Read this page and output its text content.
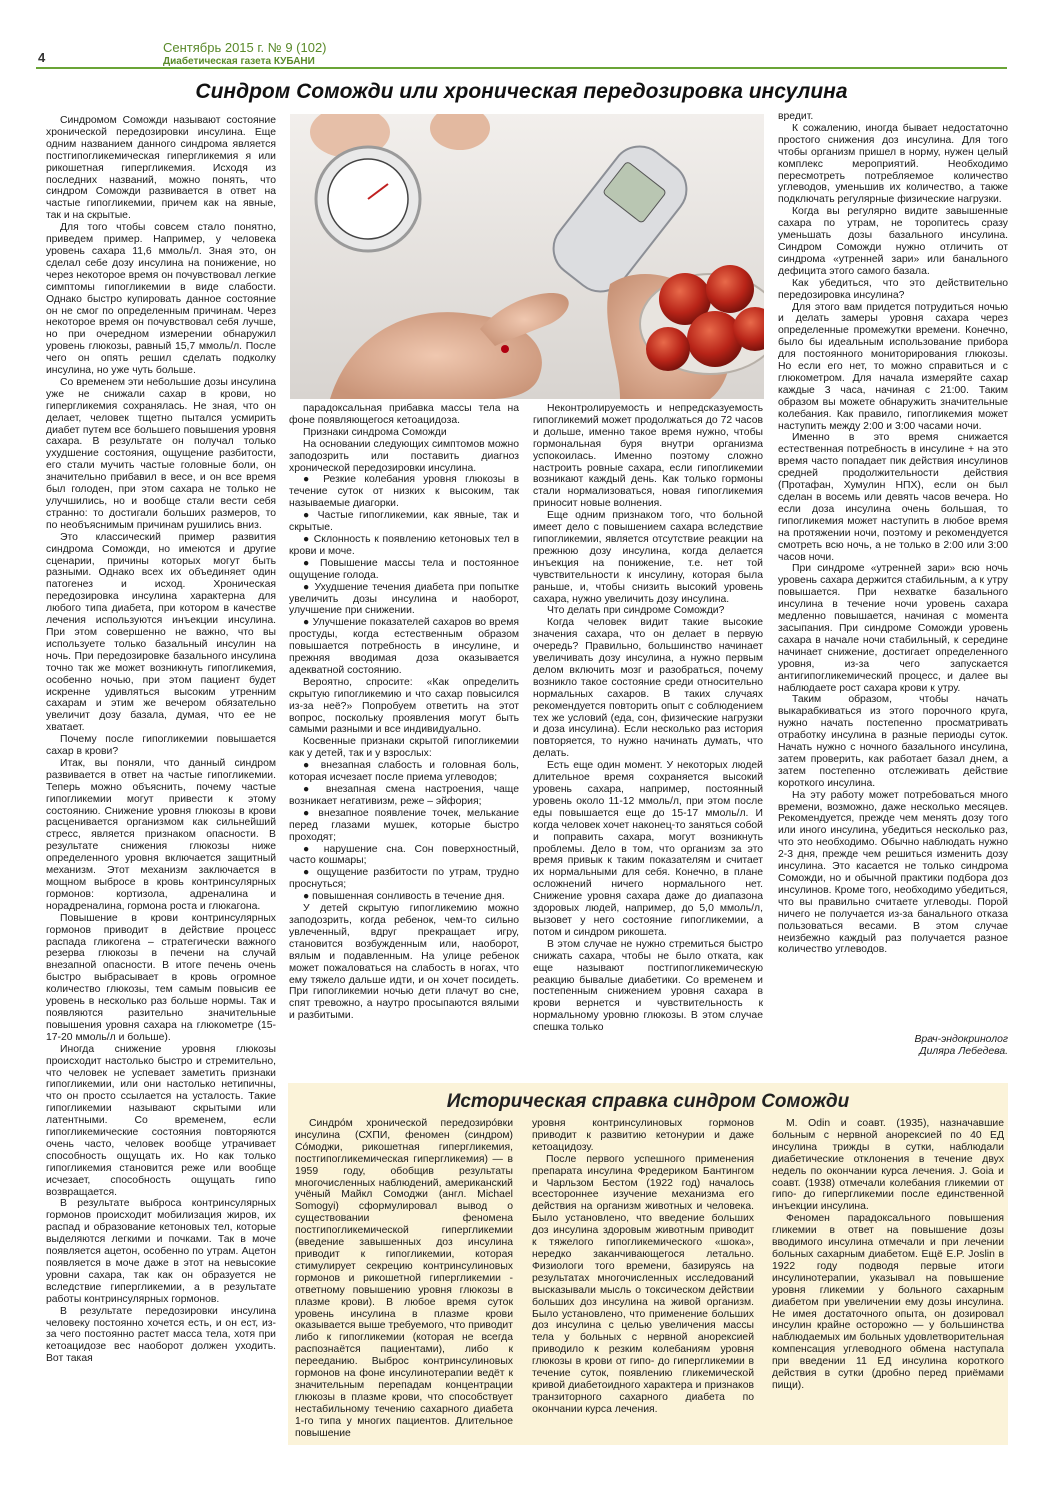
4
Сентябрь 2015 г. № 9 (102)
Диабетическая газета КУБАНИ
Синдром Соможди или хроническая передозировка инсулина

Синдромом Соможди называют состояние хронической передозировки инсулина. Еще одним названием данного синдрома является постгипогликемическая гипергликемия я или рикошетная гипергликемия. Исходя из последних названий, можно понять, что синдром Соможди развивается в ответ на частые гипогликемии, причем как на явные, так и на скрытые.

Для того чтобы совсем стало понятно, приведем пример. Например, у человека уровень сахара 11,6 ммоль/л. Зная это, он сделал себе дозу инсулина на понижение, но через некоторое время он почувствовал легкие симптомы гипогликемии в виде слабости. Однако быстро купировать данное состояние он не смог по определенным причинам. Через некоторое время он почувствовал себя лучше, но при очередном измерении обнаружил уровень глюкозы, равный 15,7 ммоль/л. После чего он опять решил сделать подколку инсулина, но уже чуть больше.

Со временем эти небольшие дозы инсулина уже не снижали сахар в крови, но гипергликемия сохранялась. Не зная, что он делает, человек тщетно пытался усмирить диабет путем все большего повышения уровня сахара. В результате он получал только ухудшение состояния, ощущение разбитости, его стали мучить частые головные боли, он значительно прибавил в весе, и он все время был голоден, при этом сахара не только не улучшились, но и вообще стали вести себя странно: то достигали больших размеров, то по необъяснимым причинам рушились вниз.

Это классический пример развития синдрома Соможди, но имеются и другие сценарии, причины которых могут быть разными. Однако всех их объединяет один патогенез и исход. Хроническая передозировка инсулина характерна для любого типа диабета, при котором в качестве лечения используются инъекции инсулина. При этом совершенно не важно, что вы используете только базальный инсулин на ночь. При передозировке базального инсулина точно так же может возникнуть гипогликемия, особенно ночью, при этом пациент будет искренне удивляться высоким утренним сахарам и этим же вечером обязательно увеличит дозу базала, думая, что ее не хватает.

Почему после гипогликемии повышается сахар в крови?

Итак, вы поняли, что данный синдром развивается в ответ на частые гипогликемии. Теперь можно объяснить, почему частые гипогликемии могут привести к этому состоянию. Снижение уровня глюкозы в крови расценивается организмом как сильнейший стресс, является признаком опасности. В результате снижения глюкозы ниже определенного уровня включается защитный механизм. Этот механизм заключается в мощном выбросе в кровь контринсулярных гормонов: кортизола, адреналина и норадреналина, гормона роста и глюкагона.

Повышение в крови контринсулярных гормонов приводит в действие процесс распада гликогена – стратегически важного резерва глюкозы в печени на случай внезапной опасности. В итоге печень очень быстро выбрасывает в кровь огромное количество глюкозы, тем самым повысив ее уровень в несколько раз больше нормы. Так и появляются разительно значительные повышения уровня сахара на глюкометре (15-17-20 ммоль/л и больше).

Иногда снижение уровня глюкозы происходит настолько быстро и стремительно, что человек не успевает заметить признаки гипогликемии, или они настолько нетипичны, что он просто ссылается на усталость. Такие гипогликемии называют скрытыми или латентными. Со временем, если гипогликемические состояния повторяются очень часто, человек вообще утрачивает способность ощущать их. Но как только гипогликемия становится реже или вообще исчезает, способность ощущать гипо возвращается.

В результате выброса контринсулярных гормонов происходит мобилизация жиров, их распад и образование кетоновых тел, которые выделяются легкими и почками. Так в моче появляется ацетон, особенно по утрам. Ацетон появляется в моче даже в этот на невысокие уровни сахара, так как он образуется не вследствие гипергликемии, а в результате работы контринсулярных гормонов.

В результате передозировки инсулина человеку постоянно хочется есть, и он ест, из-за чего постоянно растет масса тела, хотя при кетоацидозе вес наоборот должен уходить. Вот такая

парадоксальная прибавка массы тела на фоне появляющегося кетоацидоза.

Признаки синдрома Соможди

На основании следующих симптомов можно заподозрить или поставить диагноз хронической передозировки инсулина.

● Резкие колебания уровня глюкозы в течение суток от низких к высоким, так называемые диагорки.

● Частые гипогликемии, как явные, так и скрытые.

● Склонность к появлению кетоновых тел в крови и моче.

● Повышение массы тела и постоянное ощущение голода.

● Ухудшение течения диабета при попытке увеличить дозы инсулина и наоборот, улучшение при снижении.

● Улучшение показателей сахаров во время простуды, когда естественным образом повышается потребность в инсулине, и прежняя вводимая доза оказывается адекватной состоянию.

Вероятно, спросите: «Как определить скрытую гипогликемию и что сахар повысился из-за неё?» Попробуем ответить на этот вопрос, поскольку проявления могут быть самыми разными и все индивидуально.

Косвенные признаки скрытой гипогликемии как у детей, так и у взрослых:

● внезапная слабость и головная боль, которая исчезает после приема углеводов;

● внезапная смена настроения, чаще возникает негативизм, реже – эйфория;

● внезапное появление точек, мелькание перед глазами мушек, которые быстро проходят;

● нарушение сна. Сон поверхностный, часто кошмары;

● ощущение разбитости по утрам, трудно проснуться;

● повышенная сонливость в течение дня.

У детей скрытую гипогликемию можно заподозрить, когда ребенок, чем-то сильно увлеченный, вдруг прекращает игру, становится возбужденным или, наоборот, вялым и подавленным. На улице ребенок может пожаловаться на слабость в ногах, что ему тяжело дальше идти, и он хочет посидеть. При гипогликемии ночью дети плачут во сне, спят тревожно, а наутро просыпаются вялыми и разбитыми.

Неконтролируемость и непредсказуемость гипогликемий может продолжаться до 72 часов и дольше, именно такое время нужно, чтобы гормональная буря внутри организма успокоилась. Именно поэтому сложно настроить ровные сахара, если гипогликемии возникают каждый день. Как только гормоны стали нормализоваться, новая гипогликемия приносит новые волнения.

Еще одним признаком того, что больной имеет дело с повышением сахара вследствие гипогликемии, является отсутствие реакции на прежнюю дозу инсулина, когда делается инъекция на понижение, т.е. нет той чувствительности к инсулину, которая была раньше, и, чтобы снизить высокий уровень сахара, нужно увеличить дозу инсулина.

Что делать при синдроме Соможди?

Когда человек видит такие высокие значения сахара, что он делает в первую очередь? Правильно, большинство начинает увеличивать дозу инсулина, а нужно первым делом включить мозг и разобраться, почему возникло такое состояние среди относительно нормальных сахаров. В таких случаях рекомендуется повторить опыт с соблюдением тех же условий (еда, сон, физические нагрузки и доза инсулина). Если несколько раз история повторяется, то нужно начинать думать, что делать.

Есть еще один момент. У некоторых людей длительное время сохраняется высокий уровень сахара, например, постоянный уровень около 11-12 ммоль/л, при этом после еды повышается еще до 15-17 ммоль/л. И когда человек хочет наконец-то заняться собой и поправить сахара, могут возникнуть проблемы. Дело в том, что организм за это время привык к таким показателям и считает их нормальными для себя. Конечно, в плане осложнений ничего нормального нет. Снижение уровня сахара даже до диапазона здоровых людей, например, до 5,0 ммоль/л, вызовет у него состояние гипогликемии, а потом и синдром рикошета.

В этом случае не нужно стремиться быстро снижать сахара, чтобы не было отката, как еще называют постгипогликемическую реакцию бывалые диабетики. Со временем и постепенным снижением уровня сахара в крови вернется и чувствительность к нормальному уровню глюкозы. В этом случае спешка только

вредит.

К сожалению, иногда бывает недостаточно простого снижения доз инсулина. Для того чтобы организм пришел в норму, нужен целый комплекс мероприятий. Необходимо пересмотреть потребляемое количество углеводов, уменьшив их количество, а также подключать регулярные физические нагрузки.

Когда вы регулярно видите завышенные сахара по утрам, не торопитесь сразу уменьшать дозы базального инсулина. Синдром Соможди нужно отличить от синдрома «утренней зари» или банального дефицита этого самого базала.

Как убедиться, что это действительно передозировка инсулина?

Для этого вам придется потрудиться ночью и делать замеры уровня сахара через определенные промежутки времени. Конечно, было бы идеальным использование прибора для постоянного мониторирования глюкозы. Но если его нет, то можно справиться и с глюкометром. Для начала измеряйте сахар каждые 3 часа, начиная с 21:00. Таким образом вы можете обнаружить значительные колебания. Как правило, гипогликемия может наступить между 2:00 и 3:00 часами ночи.

Именно в это время снижается естественная потребность в инсулине + на это время часто попадает пик действия инсулинов средней продолжительности действия (Протафан, Хумулин НПХ), если он был сделан в восемь или девять часов вечера. Но если доза инсулина очень большая, то гипогликемия может наступить в любое время на протяжении ночи, поэтому и рекомендуется смотреть всю ночь, а не только в 2:00 или 3:00 часов ночи.

При синдроме «утренней зари» всю ночь уровень сахара держится стабильным, а к утру повышается. При нехватке базального инсулина в течение ночи уровень сахара медленно повышается, начиная с момента засыпания. При синдроме Соможди уровень сахара в начале ночи стабильный, к середине начинает снижение, достигает определенного уровня, из-за чего запускается антигипогликемический процесс, и далее вы наблюдаете рост сахара крови к утру.

Таким образом, чтобы начать выкарабкиваться из этого порочного круга, нужно начать постепенно просматривать отработку инсулина в разные периоды суток. Начать нужно с ночного базального инсулина, затем проверить, как работает базал днем, а затем постепенно отслеживать действие короткого инсулина.

На эту работу может потребоваться много времени, возможно, даже несколько месяцев. Рекомендуется, прежде чем менять дозу того или иного инсулина, убедиться несколько раз, что это необходимо. Обычно наблюдать нужно 2-3 дня, прежде чем решиться изменить дозу инсулина. Это касается не только синдрома Соможди, но и обычной практики подбора доз инсулинов. Кроме того, необходимо убедиться, что вы правильно считаете углеводы. Порой ничего не получается из-за банального отказа пользоваться весами. В этом случае неизбежно каждый раз получается разное количество углеводов.

Врач-эндокринолог
Диляра Лебедева.
Историческая справка синдром Соможди

Синдро́м хронической передозиро́вки инсулина (СХПИ, феномен (синдром) Со́моджи, рикошетная гипергликемия, постгипогликемическая гипергликемия) — в 1959 году, обобщив результаты многочисленных наблюдений, американский учёный Майкл Сомоджи (англ. Michael Somogyi) сформулировал вывод о существовании феномена постгипогликемической гипергликемии (введение завышенных доз инсулина приводит к гипогликемии, которая стимулирует секрецию контринсулиновых гормонов и рикошетной гипергликемии - ответному повышению уровня глюкозы в плазме крови). В любое время суток уровень инсулина в плазме крови оказывается выше требуемого, что приводит либо к гипогликемии (которая не всегда распознаётся пациентами), либо к перееданию. Выброс контринсулиновых гормонов на фоне инсулинотерапии ведёт к значительным перепадам концентрации глюкозы в плазме крови, что способствует нестабильному течению сахарного диабета 1-го типа у многих пациентов. Длительное повышение

уровня контринсулиновых гормонов приводит к развитию кетонурии и даже кетоацидозу.

После первого успешного применения препарата инсулина Фредериком Бантингом и Чарльзом Бестом (1922 год) началось всестороннее изучение механизма его действия на организм животных и человека. Было установлено, что введение больших доз инсулина здоровым животным приводит к тяжелого гипогликемического «шока», нередко заканчивающегося летально. Физиологи того времени, базируясь на результатах многочисленных исследований высказывали мысль о токсическом действии больших доз инсулина на живой организм. Было установлено, что применение больших доз инсулина с целью увеличения массы тела у больных с нервной анорексией приводило к резким колебаниям уровня глюкозы в крови от гипо- до гипергликемии в течение суток, появлению гликемической кривой диабетоидного характера и признаков транзиторного сахарного диабета по окончании курса лечения.

M. Odin и соавт. (1935), назначавшие больным с нервной анорексией по 40 ЕД инсулина трижды в сутки, наблюдали диабетические отклонения в течение двух недель по окончании курса лечения. J. Goia и соавт. (1938) отмечали колебания гликемии от гипо- до гипергликемии после единственной инъекции инсулина.

Феномен парадоксального повышения гликемии в ответ на повышение дозы вводимого инсулина отмечали и при лечении больных сахарным диабетом. Ещё E.P. Joslin в 1922 году подводя первые итоги инсулинотерапии, указывал на повышение уровня гликемии у больного сахарным диабетом при увеличении ему дозы инсулина. Не имея достаточного опыта, он дозировал инсулин крайне осторожно — у большинства наблюдаемых им больных удовлетворительная компенсация углеводного обмена наступала при введении 11 ЕД инсулина короткого действия в сутки (дробно перед приёмами пищи).
